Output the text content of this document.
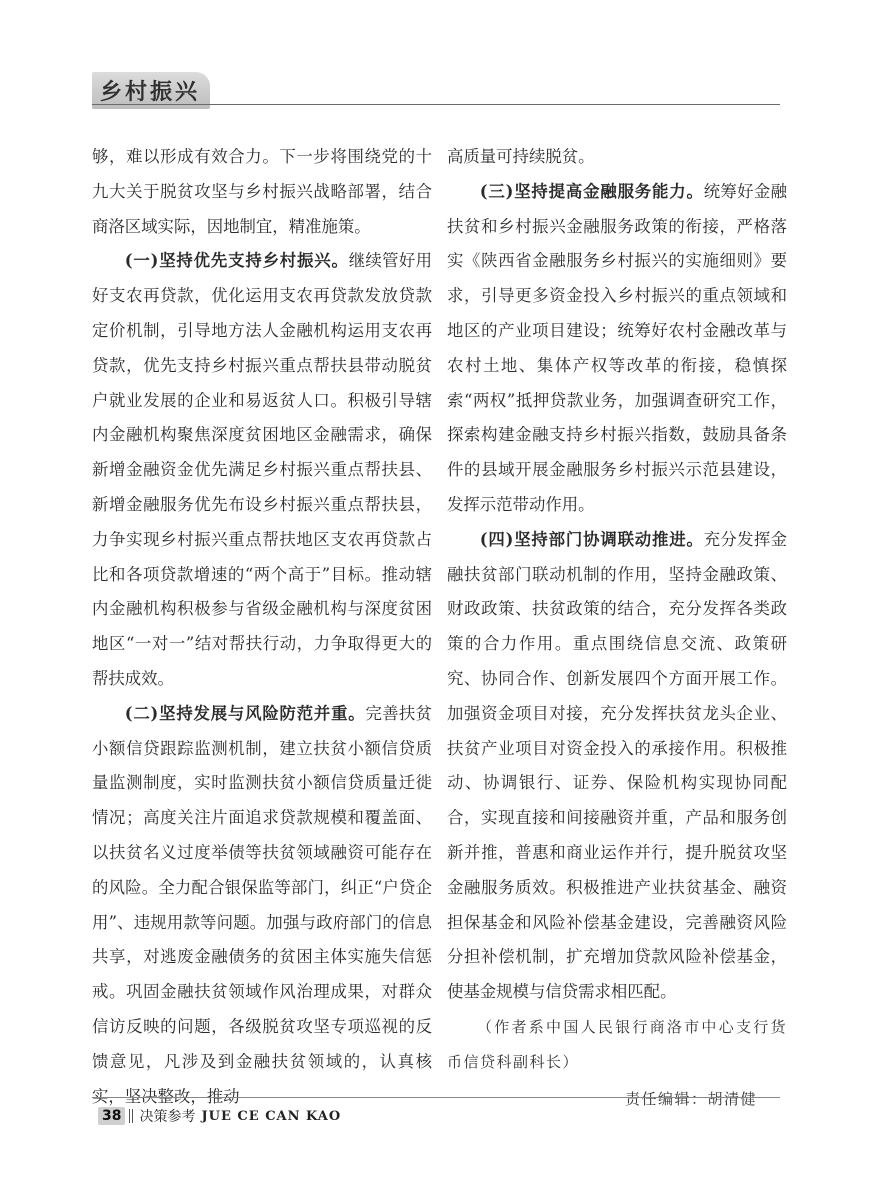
乡村振兴

够，难以形成有效合力。下一步将围绕党的十九大关于脱贫攻坚与乡村振兴战略部署，结合商洛区域实际，因地制宜，精准施策。

(一)坚持优先支持乡村振兴。继续管好用好支农再贷款，优化运用支农再贷款发放贷款定价机制，引导地方法人金融机构运用支农再贷款，优先支持乡村振兴重点帮扶县带动脱贫户就业发展的企业和易返贫人口。积极引导辖内金融机构聚焦深度贫困地区金融需求，确保新增金融资金优先满足乡村振兴重点帮扶县、新增金融服务优先布设乡村振兴重点帮扶县，力争实现乡村振兴重点帮扶地区支农再贷款占比和各项贷款增速的“两个高于”目标。推动辖内金融机构积极参与省级金融机构与深度贫困地区“一对一”结对帮扶行动，力争取得更大的帮扶成效。

(二)坚持发展与风险防范并重。完善扶贫小额信贷跟踪监测机制，建立扶贫小额信贷质量监测制度，实时监测扶贫小额信贷质量迁徙情况；高度关注片面追求贷款规模和覆盖面、以扶贫名义过度举债等扶贫领域融资可能存在的风险。全力配合银保监等部门，纠正“户贷企用”、违规用款等问题。加强与政府部门的信息共享，对逃废金融债务的贫困主体实施失信惩戒。巩固金融扶贫领域作风治理成果，对群众信访反映的问题，各级脱贫攻坚专项巡视的反馈意见，凡涉及到金融扶贫领域的，认真核实，坚决整改，推动

高质量可持续脱贫。

(三)坚持提高金融服务能力。统筹好金融扶贫和乡村振兴金融服务政策的衔接，严格落实《陕西省金融服务乡村振兴的实施细则》要求，引导更多资金投入乡村振兴的重点领域和地区的产业项目建设；统筹好农村金融改革与农村土地、集体产权等改革的衔接，稳慎探索“两权”抵押贷款业务，加强调查研究工作，探索构建金融支持乡村振兴指数，鼓励具备条件的县域开展金融服务乡村振兴示范县建设，发挥示范带动作用。

(四)坚持部门协调联动推进。充分发挥金融扶贫部门联动机制的作用，坚持金融政策、财政政策、扶贫政策的结合，充分发挥各类政策的合力作用。重点围绕信息交流、政策研究、协同合作、创新发展四个方面开展工作。加强资金项目对接，充分发挥扶贫龙头企业、扶贫产业项目对资金投入的承接作用。积极推动、协调银行、证券、保险机构实现协同配合，实现直接和间接融资并重，产品和服务创新并推，普惠和商业运作并行，提升脱贫攻坚金融服务质效。积极推进产业扶贫基金、融资担保基金和风险补偿基金建设，完善融资风险分担补偿机制，扩充增加贷款风险补偿基金，使基金规模与信贷需求相匹配。

（作者系中国人民银行商洛市中心支行货币信贷科副科长）

责任编辑：胡清健
38 决策参考 JUE CE CAN KAO
